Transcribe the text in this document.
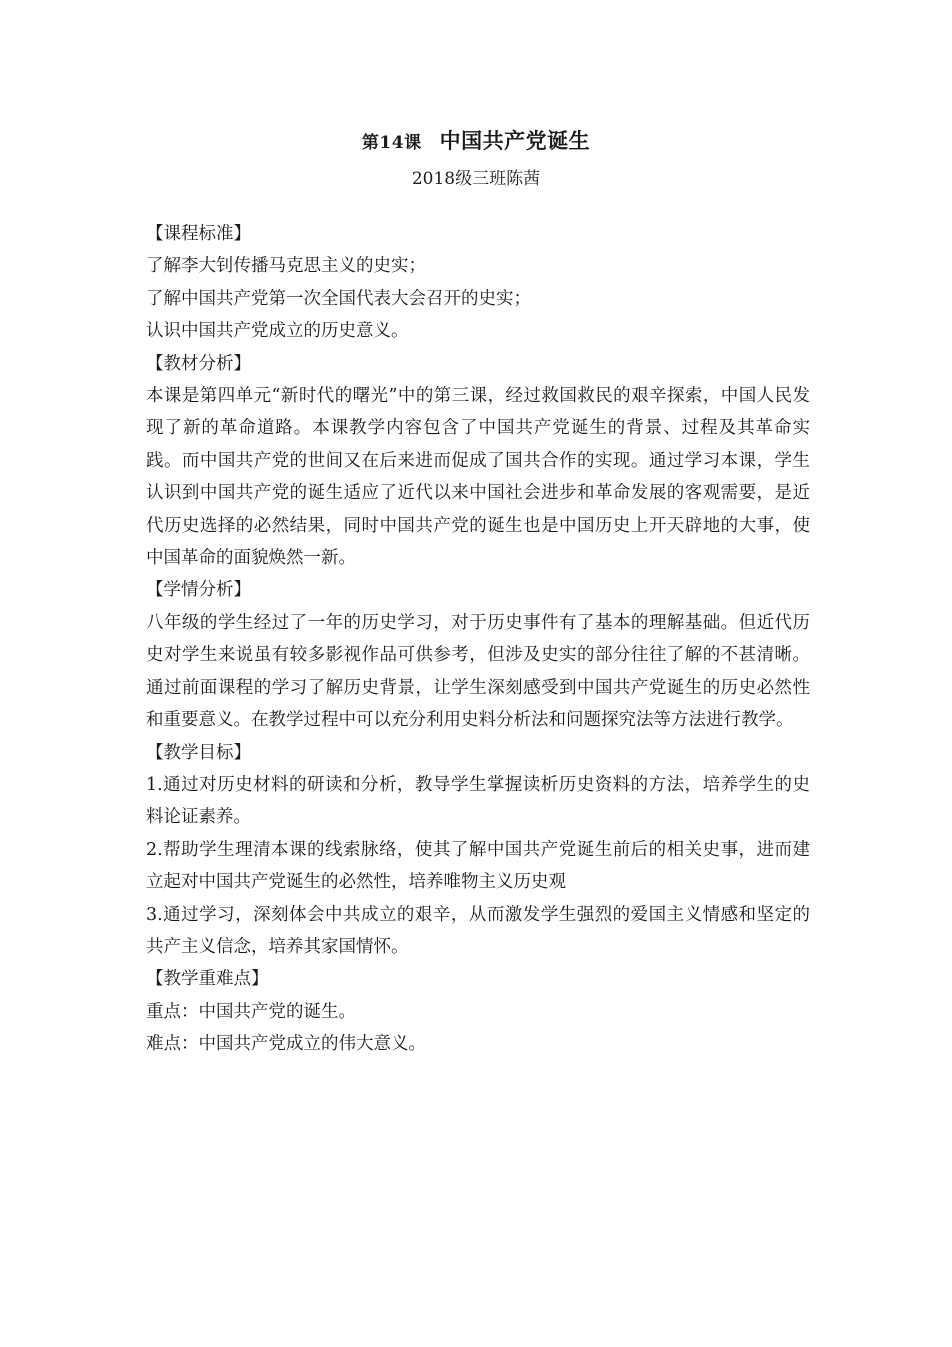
第14课 中国共产党诞生
2018级三班陈茜

【课程标准】

了解李大钊传播马克思主义的史实；

了解中国共产党第一次全国代表大会召开的史实；

认识中国共产党成立的历史意义。

【教材分析】

本课是第四单元“新时代的曙光”中的第三课，经过救国救民的艰辛探索，中国人民发现了新的革命道路。本课教学内容包含了中国共产党诞生的背景、过程及其革命实践。而中国共产党的世间又在后来进而促成了国共合作的实现。通过学习本课，学生认识到中国共产党的诞生适应了近代以来中国社会进步和革命发展的客观需要，是近代历史选择的必然结果，同时中国共产党的诞生也是中国历史上开天辟地的大事，使中国革命的面貌焕然一新。

【学情分析】

八年级的学生经过了一年的历史学习，对于历史事件有了基本的理解基础。但近代历史对学生来说虽有较多影视作品可供参考，但涉及史实的部分往往了解的不甚清晰。通过前面课程的学习了解历史背景，让学生深刻感受到中国共产党诞生的历史必然性和重要意义。在教学过程中可以充分利用史料分析法和问题探究法等方法进行教学。

【教学目标】

1.通过对历史材料的研读和分析，教导学生掌握读析历史资料的方法，培养学生的史料论证素养。

2.帮助学生理清本课的线索脉络，使其了解中国共产党诞生前后的相关史事，进而建立起对中国共产党诞生的必然性，培养唯物主义历史观

3.通过学习，深刻体会中共成立的艰辛，从而激发学生强烈的爱国主义情感和坚定的共产主义信念，培养其家国情怀。

【教学重难点】

重点：中国共产党的诞生。

难点：中国共产党成立的伟大意义。
